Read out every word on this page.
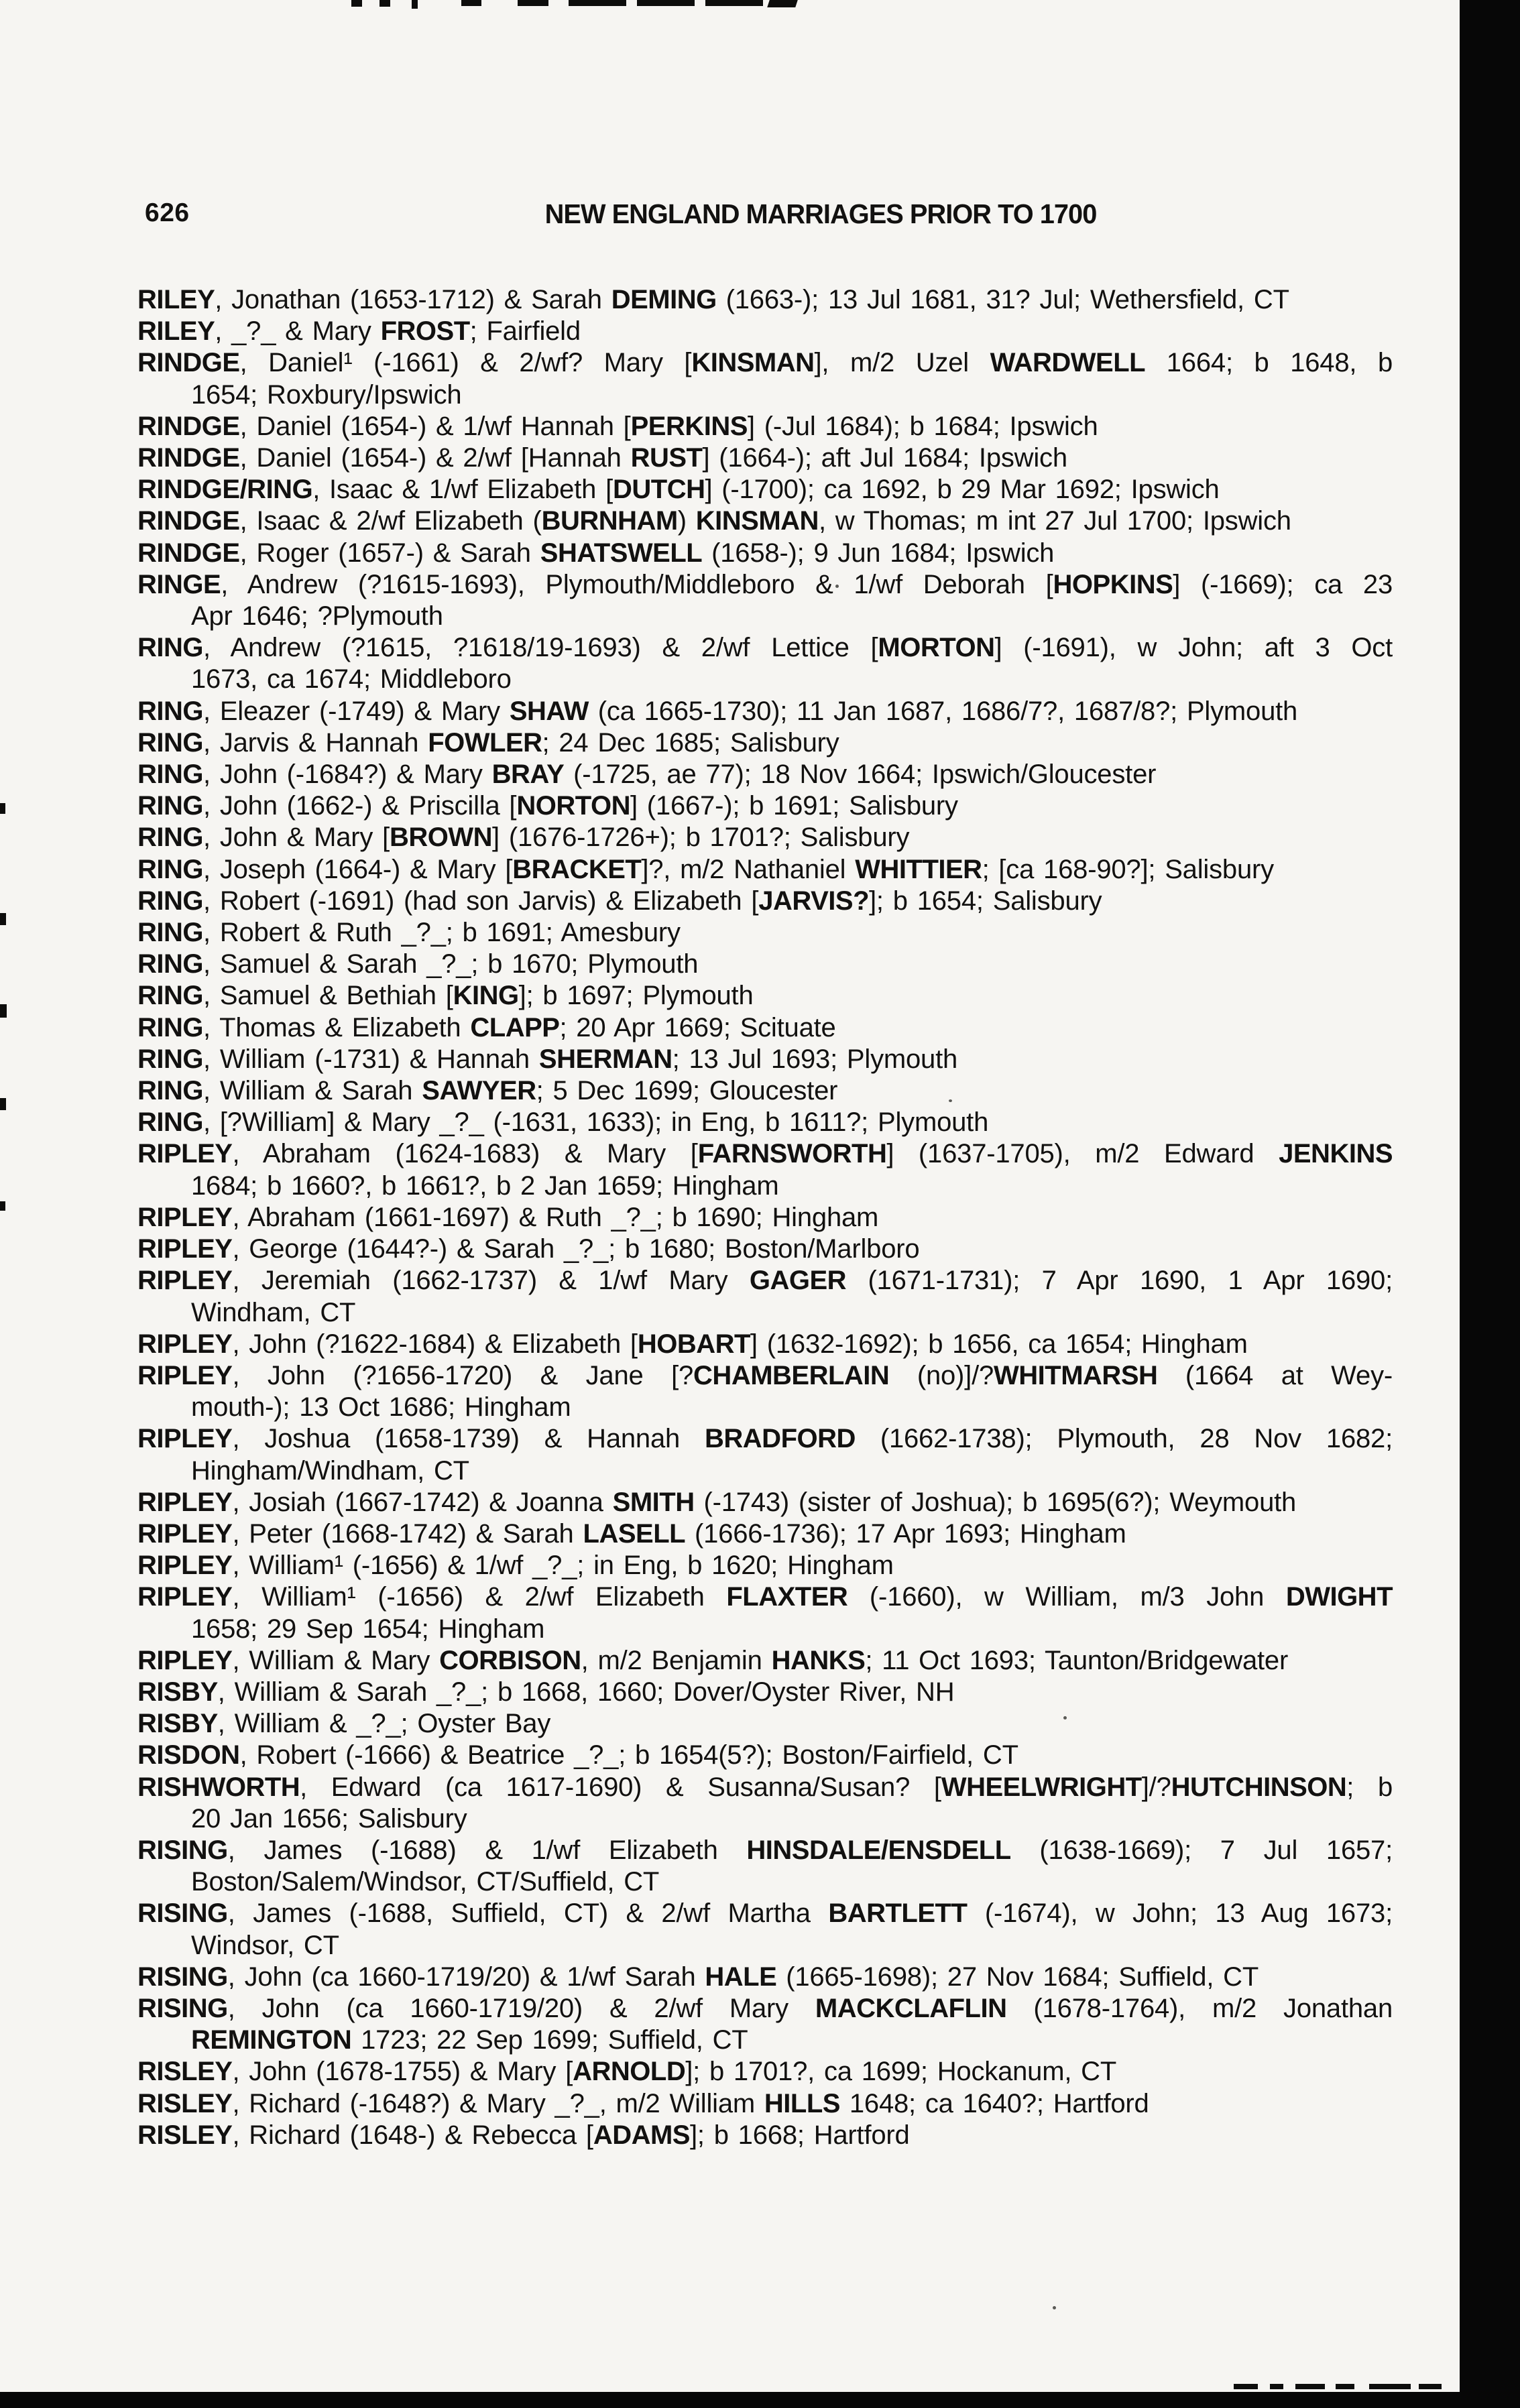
626	NEW ENGLAND MARRIAGES PRIOR TO 1700
RILEY, Jonathan (1653-1712) & Sarah DEMING (1663-); 13 Jul 1681, 31? Jul; Wethersfield, CT
RILEY, _?_ & Mary FROST; Fairfield
RINDGE, Daniel¹ (-1661) & 2/wf? Mary [KINSMAN], m/2 Uzel WARDWELL 1664; b 1648, b
1654; Roxbury/Ipswich
RINDGE, Daniel (1654-) & 1/wf Hannah [PERKINS] (-Jul 1684); b 1684; Ipswich
RINDGE, Daniel (1654-) & 2/wf [Hannah RUST] (1664-); aft Jul 1684; Ipswich
RINDGE/RING, Isaac & 1/wf Elizabeth [DUTCH] (-1700); ca 1692, b 29 Mar 1692; Ipswich
RINDGE, Isaac & 2/wf Elizabeth (BURNHAM) KINSMAN, w Thomas; m int 27 Jul 1700; Ipswich
RINDGE, Roger (1657-) & Sarah SHATSWELL (1658-); 9 Jun 1684; Ipswich
RINGE, Andrew (?1615-1693), Plymouth/Middleboro & 1/wf Deborah [HOPKINS] (-1669); ca 23
Apr 1646; ?Plymouth
RING, Andrew (?1615, ?1618/19-1693) & 2/wf Lettice [MORTON] (-1691), w John; aft 3 Oct
1673, ca 1674; Middleboro
RING, Eleazer (-1749) & Mary SHAW (ca 1665-1730); 11 Jan 1687, 1686/7?, 1687/8?; Plymouth
RING, Jarvis & Hannah FOWLER; 24 Dec 1685; Salisbury
RING, John (-1684?) & Mary BRAY (-1725, ae 77); 18 Nov 1664; Ipswich/Gloucester
RING, John (1662-) & Priscilla [NORTON] (1667-); b 1691; Salisbury
RING, John & Mary [BROWN] (1676-1726+); b 1701?; Salisbury
RING, Joseph (1664-) & Mary [BRACKET]?, m/2 Nathaniel WHITTIER; [ca 168-90?]; Salisbury
RING, Robert (-1691) (had son Jarvis) & Elizabeth [JARVIS?]; b 1654; Salisbury
RING, Robert & Ruth _?_; b 1691; Amesbury
RING, Samuel & Sarah _?_; b 1670; Plymouth
RING, Samuel & Bethiah [KING]; b 1697; Plymouth
RING, Thomas & Elizabeth CLAPP; 20 Apr 1669; Scituate
RING, William (-1731) & Hannah SHERMAN; 13 Jul 1693; Plymouth
RING, William & Sarah SAWYER; 5 Dec 1699; Gloucester
RING, [?William] & Mary _?_ (-1631, 1633); in Eng, b 1611?; Plymouth
RIPLEY, Abraham (1624-1683) & Mary [FARNSWORTH] (1637-1705), m/2 Edward JENKINS
1684; b 1660?, b 1661?, b 2 Jan 1659; Hingham
RIPLEY, Abraham (1661-1697) & Ruth _?_; b 1690; Hingham
RIPLEY, George (1644?-) & Sarah _?_; b 1680; Boston/Marlboro
RIPLEY, Jeremiah (1662-1737) & 1/wf Mary GAGER (1671-1731); 7 Apr 1690, 1 Apr 1690;
Windham, CT
RIPLEY, John (?1622-1684) & Elizabeth [HOBART] (1632-1692); b 1656, ca 1654; Hingham
RIPLEY, John (?1656-1720) & Jane [?CHAMBERLAIN (no)]/?WHITMARSH (1664 at Wey-
mouth-); 13 Oct 1686; Hingham
RIPLEY, Joshua (1658-1739) & Hannah BRADFORD (1662-1738); Plymouth, 28 Nov 1682;
Hingham/Windham, CT
RIPLEY, Josiah (1667-1742) & Joanna SMITH (-1743) (sister of Joshua); b 1695(6?); Weymouth
RIPLEY, Peter (1668-1742) & Sarah LASELL (1666-1736); 17 Apr 1693; Hingham
RIPLEY, William¹ (-1656) & 1/wf _?_; in Eng, b 1620; Hingham
RIPLEY, William¹ (-1656) & 2/wf Elizabeth FLAXTER (-1660), w William, m/3 John DWIGHT
1658; 29 Sep 1654; Hingham
RIPLEY, William & Mary CORBISON, m/2 Benjamin HANKS; 11 Oct 1693; Taunton/Bridgewater
RISBY, William & Sarah _?_; b 1668, 1660; Dover/Oyster River, NH
RISBY, William & _?_; Oyster Bay
RISDON, Robert (-1666) & Beatrice _?_; b 1654(5?); Boston/Fairfield, CT
RISHWORTH, Edward (ca 1617-1690) & Susanna/Susan? [WHEELWRIGHT]/?HUTCHINSON; b
20 Jan 1656; Salisbury
RISING, James (-1688) & 1/wf Elizabeth HINSDALE/ENSDELL (1638-1669); 7 Jul 1657;
Boston/Salem/Windsor, CT/Suffield, CT
RISING, James (-1688, Suffield, CT) & 2/wf Martha BARTLETT (-1674), w John; 13 Aug 1673;
Windsor, CT
RISING, John (ca 1660-1719/20) & 1/wf Sarah HALE (1665-1698); 27 Nov 1684; Suffield, CT
RISING, John (ca 1660-1719/20) & 2/wf Mary MACKCLAFLIN (1678-1764), m/2 Jonathan
REMINGTON 1723; 22 Sep 1699; Suffield, CT
RISLEY, John (1678-1755) & Mary [ARNOLD]; b 1701?, ca 1699; Hockanum, CT
RISLEY, Richard (-1648?) & Mary _?_, m/2 William HILLS 1648; ca 1640?; Hartford
RISLEY, Richard (1648-) & Rebecca [ADAMS]; b 1668; Hartford
